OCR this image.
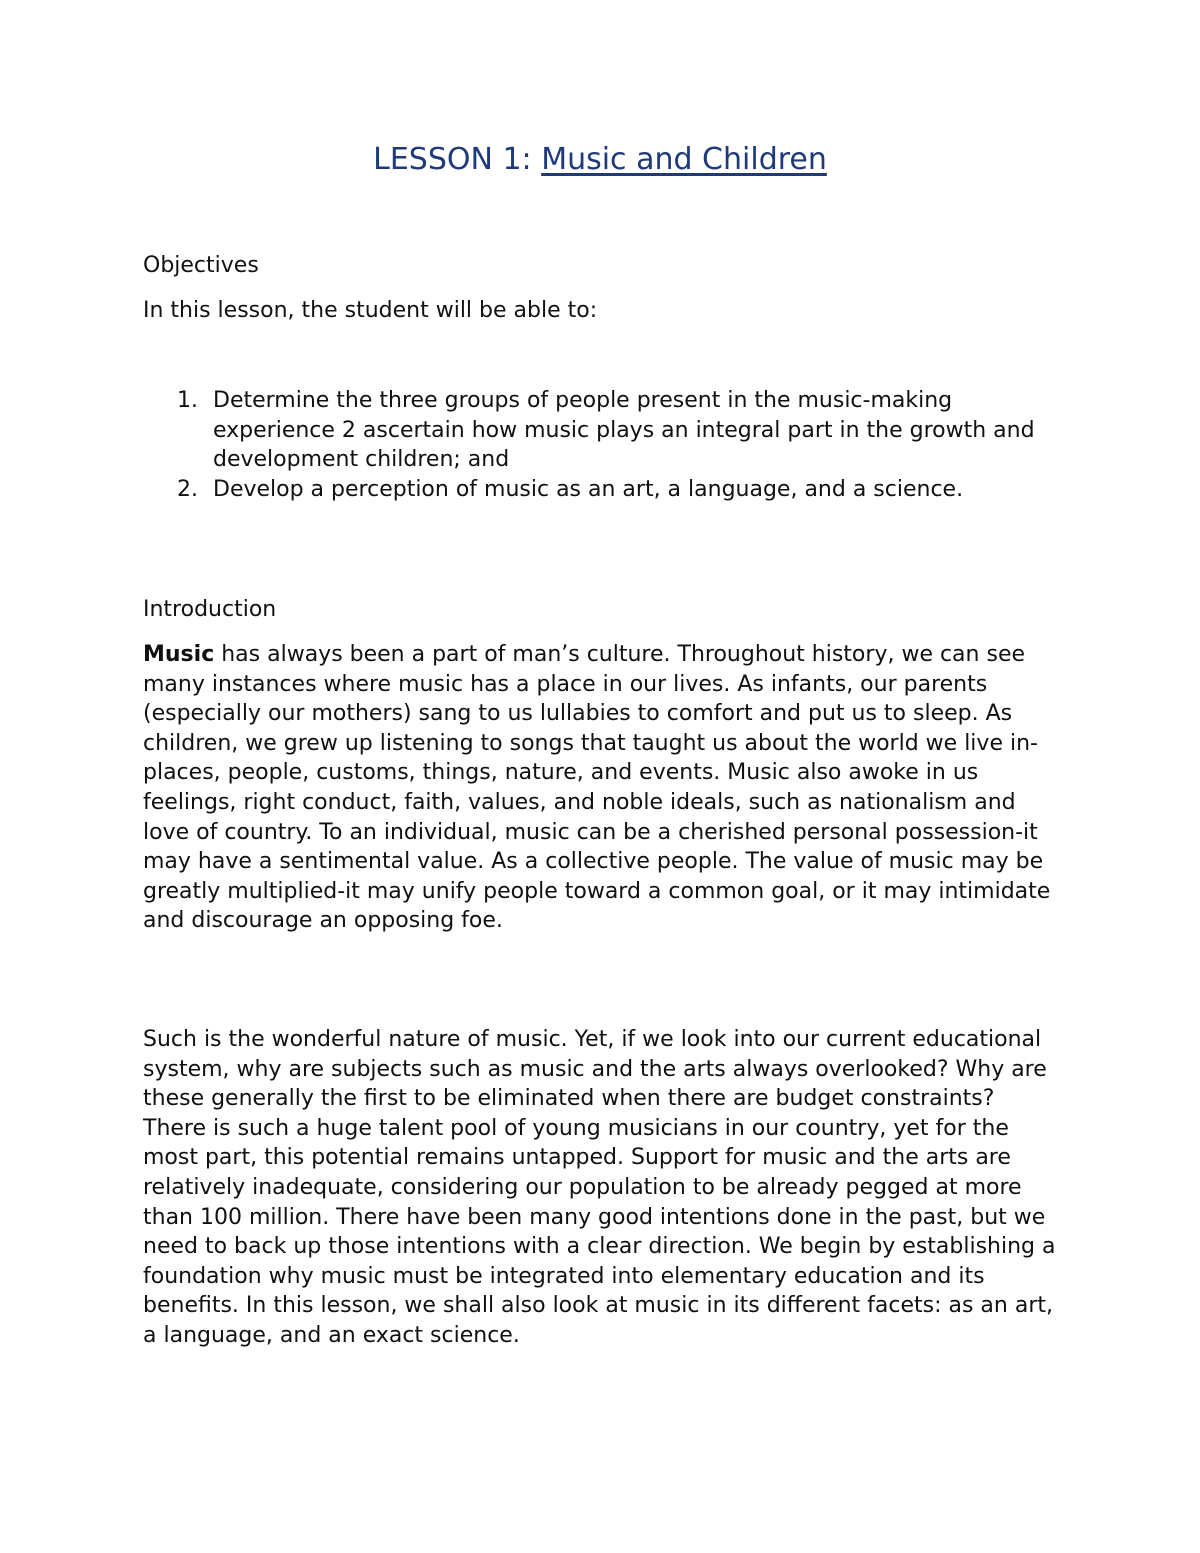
LESSON 1: Music and Children
Objectives
In this lesson, the student will be able to:
1. Determine the three groups of people present in the music-making experience 2 ascertain how music plays an integral part in the growth and development children; and
2. Develop a perception of music as an art, a language, and a science.
Introduction
Music has always been a part of man’s culture. Throughout history, we can see many instances where music has a place in our lives. As infants, our parents (especially our mothers) sang to us lullabies to comfort and put us to sleep. As children, we grew up listening to songs that taught us about the world we live in-places, people, customs, things, nature, and events. Music also awoke in us feelings, right conduct, faith, values, and noble ideals, such as nationalism and love of country. To an individual, music can be a cherished personal possession-it may have a sentimental value. As a collective people. The value of music may be greatly multiplied-it may unify people toward a common goal, or it may intimidate and discourage an opposing foe.
Such is the wonderful nature of music. Yet, if we look into our current educational system, why are subjects such as music and the arts always overlooked? Why are these generally the first to be eliminated when there are budget constraints? There is such a huge talent pool of young musicians in our country, yet for the most part, this potential remains untapped. Support for music and the arts are relatively inadequate, considering our population to be already pegged at more than 100 million. There have been many good intentions done in the past, but we need to back up those intentions with a clear direction. We begin by establishing a foundation why music must be integrated into elementary education and its benefits. In this lesson, we shall also look at music in its different facets: as an art, a language, and an exact science.
